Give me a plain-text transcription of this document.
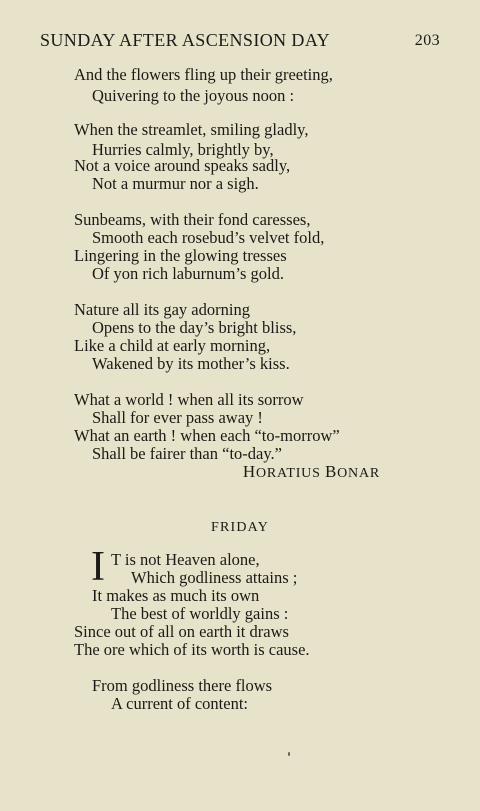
SUNDAY AFTER ASCENSION DAY	203
And the flowers fling up their greeting,
Quivering to the joyous noon :
When the streamlet, smiling gladly,
Hurries calmly, brightly by,
Not a voice around speaks sadly,
Not a murmur nor a sigh.
Sunbeams, with their fond caresses,
Smooth each rosebud’s velvet fold,
Lingering in the glowing tresses
Of yon rich laburnum’s gold.
Nature all its gay adorning
Opens to the day’s bright bliss,
Like a child at early morning,
Wakened by its mother’s kiss.
What a world ! when all its sorrow
Shall for ever pass away !
What an earth ! when each “to-morrow”
Shall be fairer than “to-day.”
HORATIUS BONAR
FRIDAY
I T is not Heaven alone,
Which godliness attains ;
It makes as much its own
The best of worldly gains :
Since out of all on earth it draws
The ore which of its worth is cause.
From godliness there flows
A current of content:
